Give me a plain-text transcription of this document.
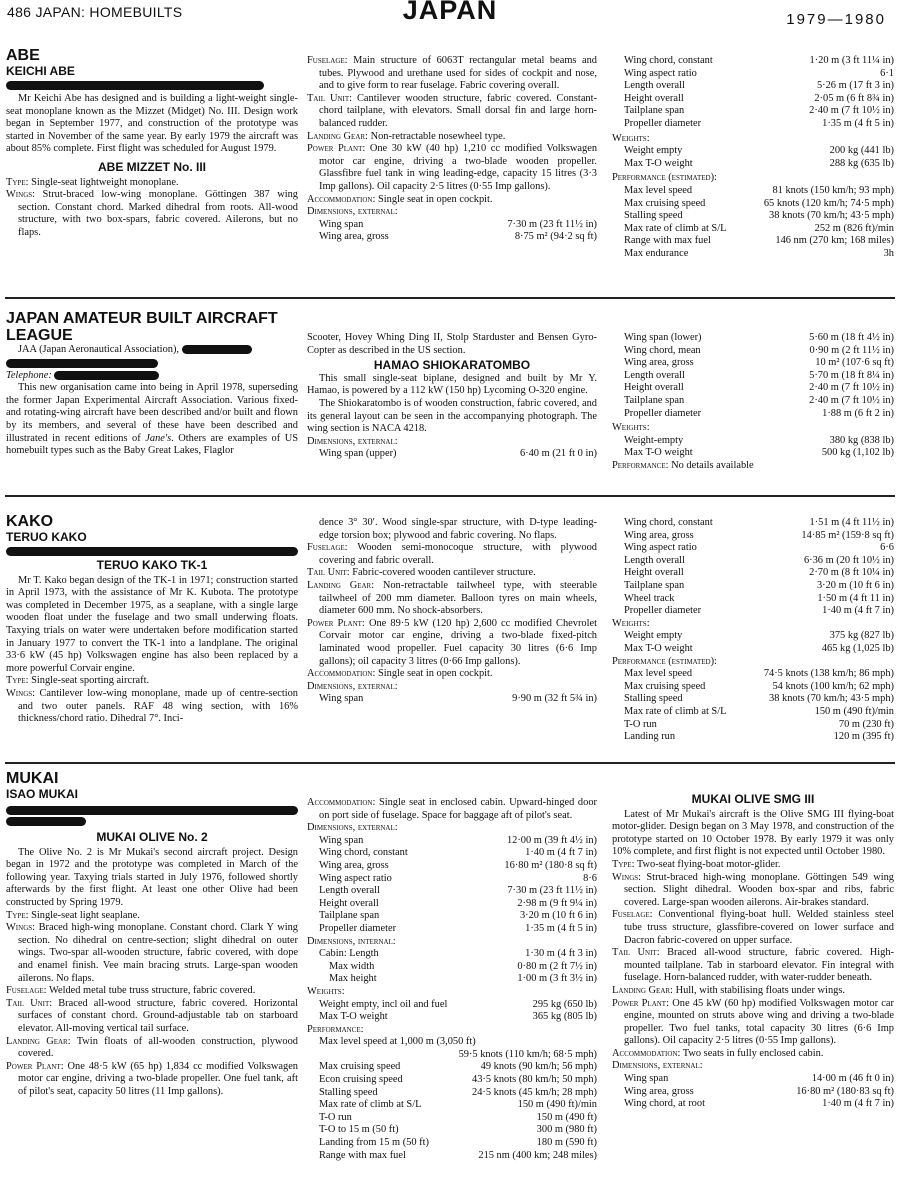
486 JAPAN: HOMEBUILTS	JAPAN	1979—1980
ABE
KEICHI ABE

Mr Keichi Abe has designed and is building a light-weight single-seat monoplane known as the Mizzet (Midget) No. III. Design work began in September 1977, and construction of the prototype was started in November of the same year. By early 1979 the aircraft was about 85% complete. First flight was scheduled for August 1979.

ABE MIZZET No. III

Type: Single-seat lightweight monoplane.

Wings: Strut-braced low-wing monoplane. Göttingen 387 wing section. Constant chord. Marked dihedral from roots. All-wood structure, with two box-spars, fabric covered. Ailerons, but no flaps.

Fuselage: Main structure of 6063T rectangular metal beams and tubes. Plywood and urethane used for sides of cockpit and nose, and to give form to rear fuselage. Fabric covering overall.

Tail Unit: Cantilever wooden structure, fabric covered. Constant-chord tailplane, with elevators. Small dorsal fin and large horn-balanced rudder.

Landing Gear: Non-retractable nosewheel type.

Power Plant: One 30 kW (40 hp) 1,210 cc modified Volkswagen motor car engine, driving a two-blade wooden propeller. Glassfibre fuel tank in wing leading-edge, capacity 15 litres (3·3 Imp gallons). Oil capacity 2·5 litres (0·55 Imp gallons).

Accommodation: Single seat in open cockpit.

Dimensions, external:
Wing span	7·30 m (23 ft 11½ in)
Wing area, gross	8·75 m² (94·2 sq ft)
Wing chord, constant	1·20 m (3 ft 11¼ in)
Wing aspect ratio	6·1
Length overall	5·26 m (17 ft 3 in)
Height overall	2·05 m (6 ft 8¾ in)
Tailplane span	2·40 m (7 ft 10½ in)
Propeller diameter	1·35 m (4 ft 5 in)
Weights:
Weight empty	200 kg (441 lb)
Max T-O weight	288 kg (635 lb)
Performance (estimated):
Max level speed	81 knots (150 km/h; 93 mph)
Max cruising speed	65 knots (120 km/h; 74·5 mph)
Stalling speed	38 knots (70 km/h; 43·5 mph)
Max rate of climb at S/L	252 m (826 ft)/min
Range with max fuel	146 nm (270 km; 168 miles)
Max endurance	3h
JAPAN AMATEUR BUILT AIRCRAFT
LEAGUE
JAA (Japan Aeronautical Association),
Telephone:

This new organisation came into being in April 1978, superseding the former Japan Experimental Aircraft Association. Various fixed- and rotating-wing aircraft have been described and/or built and flown by its members, and several of these have been described and illustrated in recent editions of Jane's. Others are examples of US homebuilt types such as the Baby Great Lakes, Flaglor

Scooter, Hovey Whing Ding II, Stolp Starduster and Bensen Gyro-Copter as described in the US section.

HAMAO SHIOKARATOMBO

This small single-seat biplane, designed and built by Mr Y. Hamao, is powered by a 112 kW (150 hp) Lycoming O-320 engine.

The Shiokaratombo is of wooden construction, fabric covered, and its general layout can be seen in the accompanying photograph. The wing section is NACA 4218.

Dimensions, external:
Wing span (upper)	6·40 m (21 ft 0 in)
Wing span (lower)	5·60 m (18 ft 4½ in)
Wing chord, mean	0·90 m (2 ft 11½ in)
Wing area, gross	10 m² (107·6 sq ft)
Length overall	5·70 m (18 ft 8¼ in)
Height overall	2·40 m (7 ft 10½ in)
Tailplane span	2·40 m (7 ft 10½ in)
Propeller diameter	1·88 m (6 ft 2 in)
Weights:
Weight-empty	380 kg (838 lb)
Max T-O weight	500 kg (1,102 lb)
Performance: No details available
KAKO
TERUO KAKO
TERUO KAKO TK-1

Mr T. Kako began design of the TK-1 in 1971; construction started in April 1973, with the assistance of Mr K. Kubota. The prototype was completed in December 1975, as a seaplane, with a single large wooden float under the fuselage and two small underwing floats. Taxying trials on water were undertaken before modification started in January 1977 to convert the TK-1 into a landplane. The original 33·6 kW (45 hp) Volkswagen engine has also been replaced by a more powerful Corvair engine.

Type: Single-seat sporting aircraft.

Wings: Cantilever low-wing monoplane, made up of centre-section and two outer panels. RAF 48 wing section, with 16% thickness/chord ratio. Dihedral 7°. Inci-

dence 3° 30′. Wood single-spar structure, with D-type leading-edge torsion box; plywood and fabric covering. No flaps.

Fuselage: Wooden semi-monocoque structure, with plywood covering and fabric overall.

Tail Unit: Fabric-covered wooden cantilever structure.

Landing Gear: Non-retractable tailwheel type, with steerable tailwheel of 200 mm diameter. Balloon tyres on main wheels, diameter 600 mm. No shock-absorbers.

Power Plant: One 89·5 kW (120 hp) 2,600 cc modified Chevrolet Corvair motor car engine, driving a two-blade fixed-pitch laminated wood propeller. Fuel capacity 30 litres (6·6 Imp gallons); oil capacity 3 litres (0·66 Imp gallons).

Accommodation: Single seat in open cockpit.

Dimensions, external:
Wing span	9·90 m (32 ft 5¾ in)
Wing chord, constant	1·51 m (4 ft 11½ in)
Wing area, gross	14·85 m² (159·8 sq ft)
Wing aspect ratio	6·6
Length overall	6·36 m (20 ft 10½ in)
Height overall	2·70 m (8 ft 10¼ in)
Tailplane span	3·20 m (10 ft 6 in)
Wheel track	1·50 m (4 ft 11 in)
Propeller diameter	1·40 m (4 ft 7 in)
Weights:
Weight empty	375 kg (827 lb)
Max T-O weight	465 kg (1,025 lb)
Performance (estimated):
Max level speed	74·5 knots (138 km/h; 86 mph)
Max cruising speed	54 knots (100 km/h; 62 mph)
Stalling speed	38 knots (70 km/h; 43·5 mph)
Max rate of climb at S/L	150 m (490 ft)/min
T-O run	70 m (230 ft)
Landing run	120 m (395 ft)
MUKAI
ISAO MUKAI
MUKAI OLIVE No. 2

The Olive No. 2 is Mr Mukai's second aircraft project. Design began in 1972 and the prototype was completed in March of the following year. Taxying trials started in July 1976, followed shortly afterwards by the first flight. At least one other Olive had been constructed by Spring 1979.

Type: Single-seat light seaplane.

Wings: Braced high-wing monoplane. Constant chord. Clark Y wing section. No dihedral on centre-section; slight dihedral on outer wings. Two-spar all-wooden structure, fabric covered, with dope and enamel finish. Vee main bracing struts. Large-span wooden ailerons. No flaps.

Fuselage: Welded metal tube truss structure, fabric covered.

Tail Unit: Braced all-wood structure, fabric covered. Horizontal surfaces of constant chord. Ground-adjustable tab on starboard elevator. All-moving vertical tail surface.

Landing Gear: Twin floats of all-wooden construction, plywood covered.

Power Plant: One 48·5 kW (65 hp) 1,834 cc modified Volkswagen motor car engine, driving a two-blade propeller. One fuel tank, aft of pilot's seat, capacity 50 litres (11 Imp gallons).

Accommodation: Single seat in enclosed cabin. Upward-hinged door on port side of fuselage. Space for baggage aft of pilot's seat.

Dimensions, external:
Wing span	12·00 m (39 ft 4½ in)
Wing chord, constant	1·40 m (4 ft 7 in)
Wing area, gross	16·80 m² (180·8 sq ft)
Wing aspect ratio	8·6
Length overall	7·30 m (23 ft 11½ in)
Height overall	2·98 m (9 ft 9¼ in)
Tailplane span	3·20 m (10 ft 6 in)
Propeller diameter	1·35 m (4 ft 5 in)
Dimensions, internal:
Cabin: Length	1·30 m (4 ft 3 in)
Max width	0·80 m (2 ft 7½ in)
Max height	1·00 m (3 ft 3½ in)
Weights:
Weight empty, incl oil and fuel	295 kg (650 lb)
Max T-O weight	365 kg (805 lb)
Performance:
Max level speed at 1,000 m (3,050 ft)
59·5 knots (110 km/h; 68·5 mph)
Max cruising speed	49 knots (90 km/h; 56 mph)
Econ cruising speed	43·5 knots (80 km/h; 50 mph)
Stalling speed	24·5 knots (45 km/h; 28 mph)
Max rate of climb at S/L	150 m (490 ft)/min
T-O run	150 m (490 ft)
T-O to 15 m (50 ft)	300 m (980 ft)
Landing from 15 m (50 ft)	180 m (590 ft)
Range with max fuel	215 nm (400 km; 248 miles)
MUKAI OLIVE SMG III

Latest of Mr Mukai's aircraft is the Olive SMG III flying-boat motor-glider. Design began on 3 May 1978, and construction of the prototype started on 10 October 1978. By early 1979 it was only 10% complete, and first flight is not expected until October 1980.

Type: Two-seat flying-boat motor-glider.

Wings: Strut-braced high-wing monoplane. Göttingen 549 wing section. Slight dihedral. Wooden box-spar and ribs, fabric covered. Large-span wooden ailerons. Air-brakes standard.

Fuselage: Conventional flying-boat hull. Welded stainless steel tube truss structure, glassfibre-covered on lower surface and Dacron fabric-covered on upper surface.

Tail Unit: Braced all-wood structure, fabric covered. High-mounted tailplane. Tab in starboard elevator. Fin integral with fuselage. Horn-balanced rudder, with water-rudder beneath.

Landing Gear: Hull, with stabilising floats under wings.

Power Plant: One 45 kW (60 hp) modified Volkswagen motor car engine, mounted on struts above wing and driving a two-blade propeller. Two fuel tanks, total capacity 30 litres (6·6 Imp gallons). Oil capacity 2·5 litres (0·55 Imp gallons).

Accommodation: Two seats in fully enclosed cabin.

Dimensions, external:
Wing span	14·00 m (46 ft 0 in)
Wing area, gross	16·80 m² (180·83 sq ft)
Wing chord, at root	1·40 m (4 ft 7 in)
